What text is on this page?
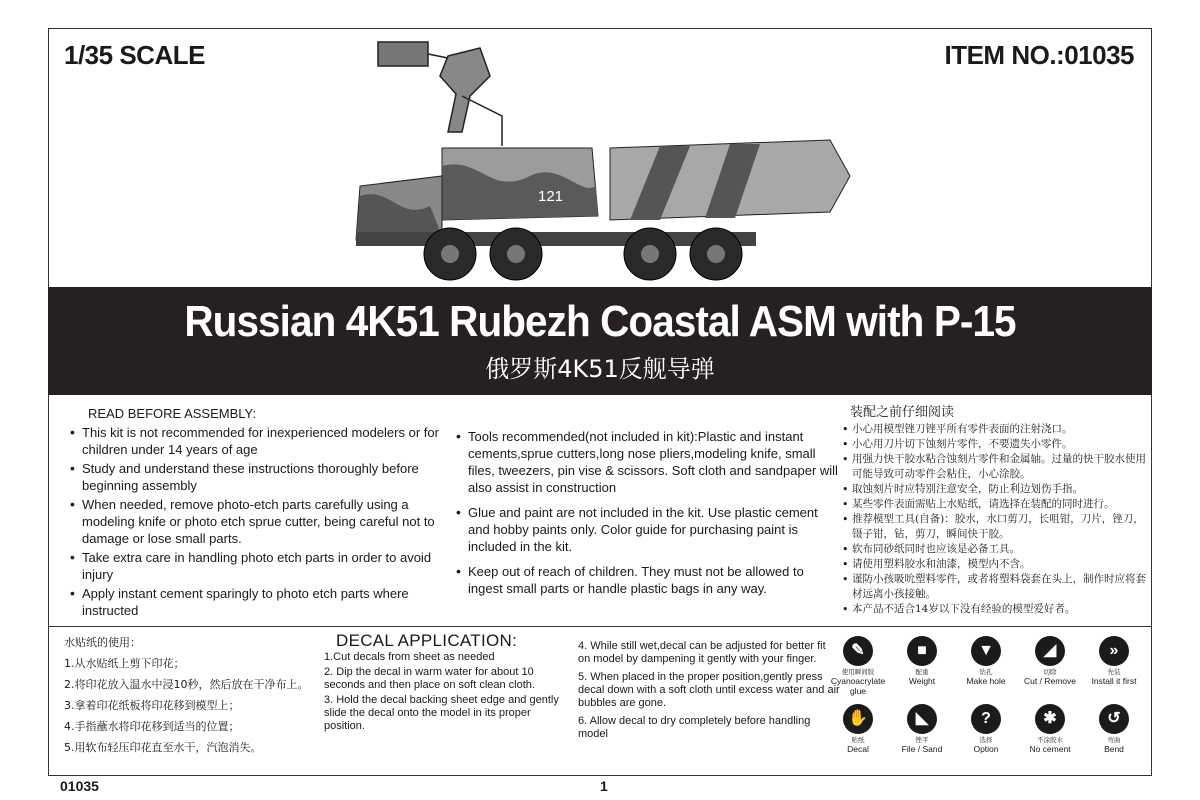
1/35 SCALE	ITEM NO.:01035
121
Russian 4K51 Rubezh Coastal ASM with P-15
俄罗斯4K51反舰导弹
READ BEFORE ASSEMBLY:
• This kit is not recommended for inexperienced modelers or for children under 14 years of age
• Study and understand these instructions thoroughly before beginning assembly
• When needed, remove photo-etch parts carefully using a modeling knife or photo etch sprue cutter, being careful not to damage or lose small parts.
• Take extra care in handling photo etch parts in order to avoid injury
• Apply instant cement sparingly to photo etch parts where instructed
• Tools recommended(not included in kit):Plastic and instant cements,sprue cutters,long nose pliers,modeling knife, small files, tweezers, pin vise & scissors. Soft cloth and sandpaper will also assist in construction
• Glue and paint are not included in the kit. Use plastic cement and hobby paints only. Color guide for purchasing paint is included in the kit.
• Keep out of reach of children. They must not be allowed to ingest small parts or handle plastic bags in any way.
装配之前仔细阅读
• 小心用模型锉刀锉平所有零件表面的注射浇口。
• 小心用刀片切下蚀刻片零件，不要遗失小零件。
• 用强力快干胶水粘合蚀刻片零件和金属轴。过量的快干胶水使用可能导致可动零件会粘住，小心涂胶。
• 取蚀刻片时应特别注意安全，防止利边划伤手指。
• 某些零件表面需贴上水贴纸，请选择在装配的同时进行。
• 推荐模型工具(自备)：胶水，水口剪刀，长咀钳，刀片，锉刀，镊子钳，钻，剪刀，瞬间快干胶。
• 软布同砂纸同时也应该是必备工具。
• 请使用塑料胶水和油漆，模型内不含。
• 谨防小孩吸吮塑料零件，或者将塑料袋套在头上，制作时应将套材远离小孩接触。
• 本产品不适合14岁以下没有经验的模型爱好者。
水贴纸的使用：
1.从水贴纸上剪下印花；
2.将印花放入温水中浸10秒，然后放在干净布上。
3.拿着印花纸板将印花移到模型上；
4.手指蘸水将印花移到适当的位置；
5.用软布轻压印花直至水干，汽泡消失。
DECAL APPLICATION:
1.Cut decals from sheet as needed
2. Dip the decal in warm water for about 10 seconds and then place on soft clean cloth.
3. Hold the decal backing sheet edge and gently slide the decal onto the model in its proper position.
4. While still wet,decal can be adjusted for better fit on model by dampening it gently with your finger.
5. When placed in the proper position,gently press decal down with a soft cloth until excess water and air bubbles are gone.
6. Allow decal to dry completely before handling model
✎
使用瞬间胶
Cyanoacrylate glue
■
配重
Weight
▼
钻孔
Make hole
◢
切除
Cut / Remove
»
先装
Install it first
✋
贴纸
Decal
◣
锉平
File / Sand
?
选择
Option
✱
不涂胶水
No cement
↺
弯曲
Bend
01035	1
